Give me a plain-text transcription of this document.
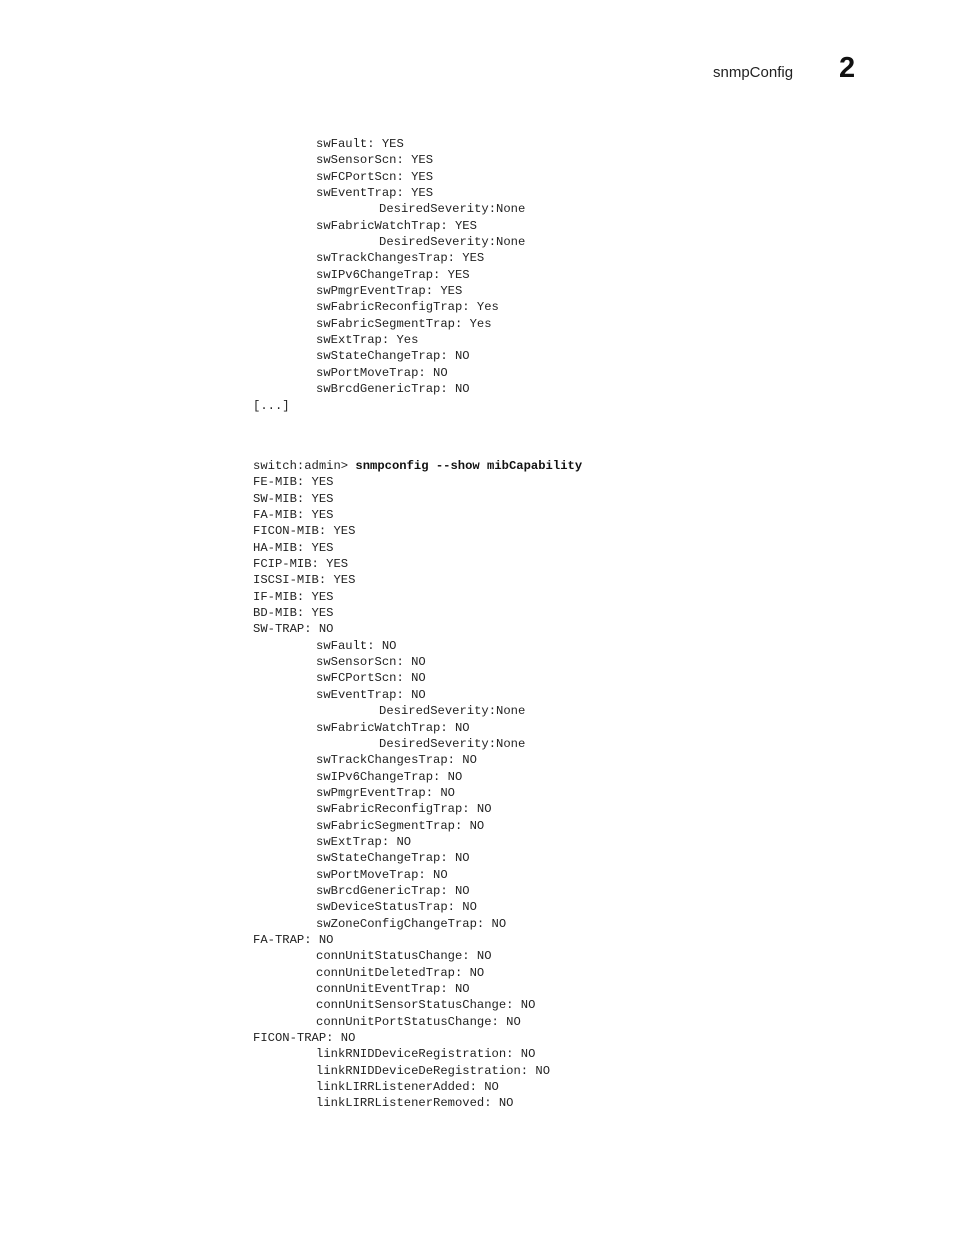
snmpConfig 2
swFault: YES
swSensorScn: YES
swFCPortScn: YES
swEventTrap: YES
DesiredSeverity:None
swFabricWatchTrap: YES
DesiredSeverity:None
swTrackChangesTrap: YES
swIPv6ChangeTrap: YES
swPmgrEventTrap: YES
swFabricReconfigTrap: Yes
swFabricSegmentTrap: Yes
swExtTrap: Yes
swStateChangeTrap: NO
swPortMoveTrap: NO
swBrcdGenericTrap: NO
[...]
switch:admin> snmpconfig --show mibCapability
FE-MIB: YES
SW-MIB: YES
FA-MIB: YES
FICON-MIB: YES
HA-MIB: YES
FCIP-MIB: YES
ISCSI-MIB: YES
IF-MIB: YES
BD-MIB: YES
SW-TRAP: NO
swFault: NO
swSensorScn: NO
swFCPortScn: NO
swEventTrap: NO
DesiredSeverity:None
swFabricWatchTrap: NO
DesiredSeverity:None
swTrackChangesTrap: NO
swIPv6ChangeTrap: NO
swPmgrEventTrap: NO
swFabricReconfigTrap: NO
swFabricSegmentTrap: NO
swExtTrap: NO
swStateChangeTrap: NO
swPortMoveTrap: NO
swBrcdGenericTrap: NO
swDeviceStatusTrap: NO
swZoneConfigChangeTrap: NO
FA-TRAP: NO
connUnitStatusChange: NO
connUnitDeletedTrap: NO
connUnitEventTrap: NO
connUnitSensorStatusChange: NO
connUnitPortStatusChange: NO
FICON-TRAP: NO
linkRNIDDeviceRegistration: NO
linkRNIDDeviceDeRegistration: NO
linkLIRRListenerAdded: NO
linkLIRRListenerRemoved: NO
